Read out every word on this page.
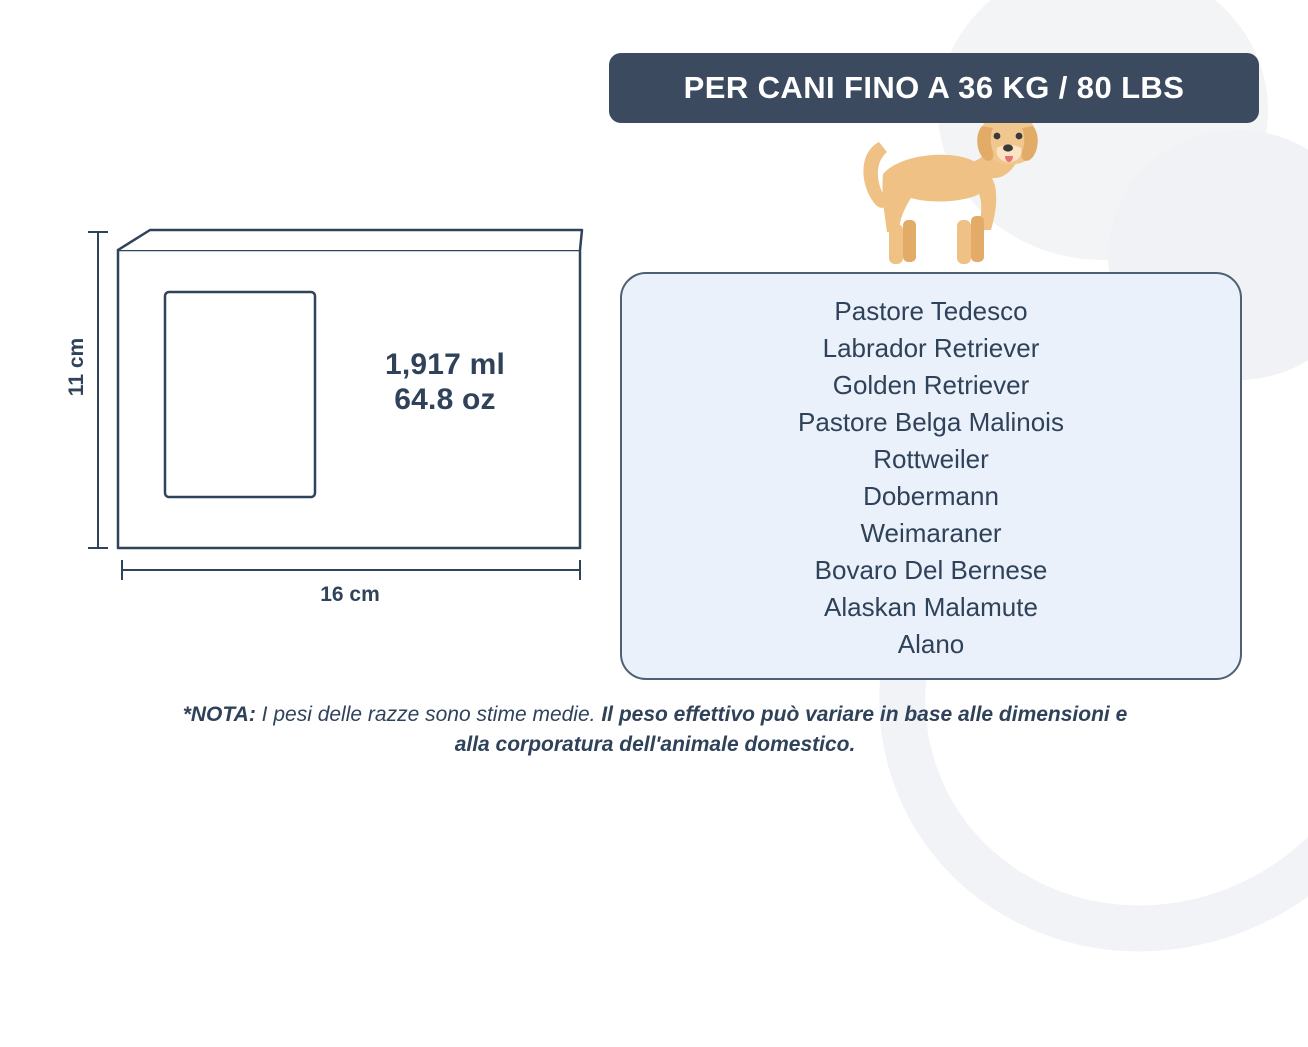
1,917 ml
64.8 oz
11 cm
16 cm
PER CANI FINO A 36 KG / 80 LBS
Pastore Tedesco
Labrador Retriever
Golden Retriever
Pastore Belga Malinois
Rottweiler
Dobermann
Weimaraner
Bovaro Del Bernese
Alaskan Malamute
Alano
*NOTA: I pesi delle razze sono stime medie. Il peso effettivo può variare in base alle dimensioni e alla corporatura dell'animale domestico.
